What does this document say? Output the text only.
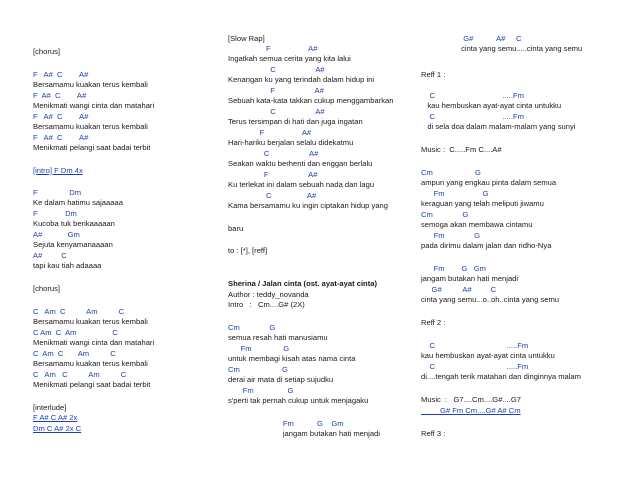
[chorus]
F   A#  C        A#
Bersamamu kuakan terus kembali
F  A#  C        A#
Menikmati wangi cinta dan matahari
F   A#  C        A#
Bersamamu kuakan terus kembali
F   A#  C        A#
Menikmati pelangi saat badai terbit
[intro] F Dm 4x
F               Dm
Ke dalam hatimu sajaaaaa
F             Dm
Kucoba tuk berikaaaaan
A#            Gm
Sejuta kenyamanaaaan
A#         C
tapi kau tiah adaaaa
[chorus]
C   Am  C          Am          C
Bersamamu kuakan terus kembali
C Am  C  Am                 C
Menikmati wangi cinta dan matahari
C  Am  C       Am          C
Bersamamu kuakan terus kembali
C   Am   C          Am          C
Menikmati pelangi saat badai terbit
[interlude]
F A# C A# 2x
Dm C A# 2x C
[Slow Rap]
F                  A#
Ingatkah semua cerita yang kita lalui
C                   A#
Kenangan ku yang terindah dalam hidup ini
F                   A#
Sebuah kata-kata takkan cukup menggambarkan
C                   A#
Terus tersimpan di hati dan juga ingatan
F                  A#
Hari-hariku berjalan selalu didekatmu
C                   A#
Seakan waktu berhenti dan enggan berlalu
F                   A#
Ku terlekat ini dalam sebuah nada dan lagu
C                 A#
Kama bersamamu ku ingin ciptakan hidup yang
baru
to : [*], [reff]
Sherina / Jalan cinta (ost. ayat-ayat cinta)
Author : teddy_novanda
Intro   :   Cm....G# (2X)
Cm              G
semua resah hati manusiamu
Fm               G
untuk membagi kisah atas nama cinta
Cm                    G
derai air mata di setiap sujudku
Fm                G
s'perti tak pernah cukup untuk menjagaku
Fm           G    Gm
jangam butakan hati menjadi
G#           A#     C
cinta yang semu.....cinta yang semu
Reff 1 :
C                                .....Fm
kau hembuskan ayat-ayat cinta untukku
C                                .....Fm
di sela doa dalam malam-malam yang sunyi
Music :  C.....Fm C....A#
Cm                    G
ampun yang engkau pinta dalam semua
Fm                  G
keraguan yang telah meliputi jiwamu
Cm              G
semoga akan membawa cintamu
Fm              G
pada dirimu dalam jalan dan ridho-Nya
Fm        G   Gm
jangam butakan hati menjadi
G#          A#         C
cinta yang semu...o..oh..cinta yang semu
Reff 2 :
C                                  .....Fm
kau hembuskan ayat-ayat cinta untukku
C                                  .....Fm
di....tengah terik matahari dan dinginnya malam
Music  :   G7....Cm....G#....G7
G# Fm Cm....G# A# Cm
Reff 3 :
